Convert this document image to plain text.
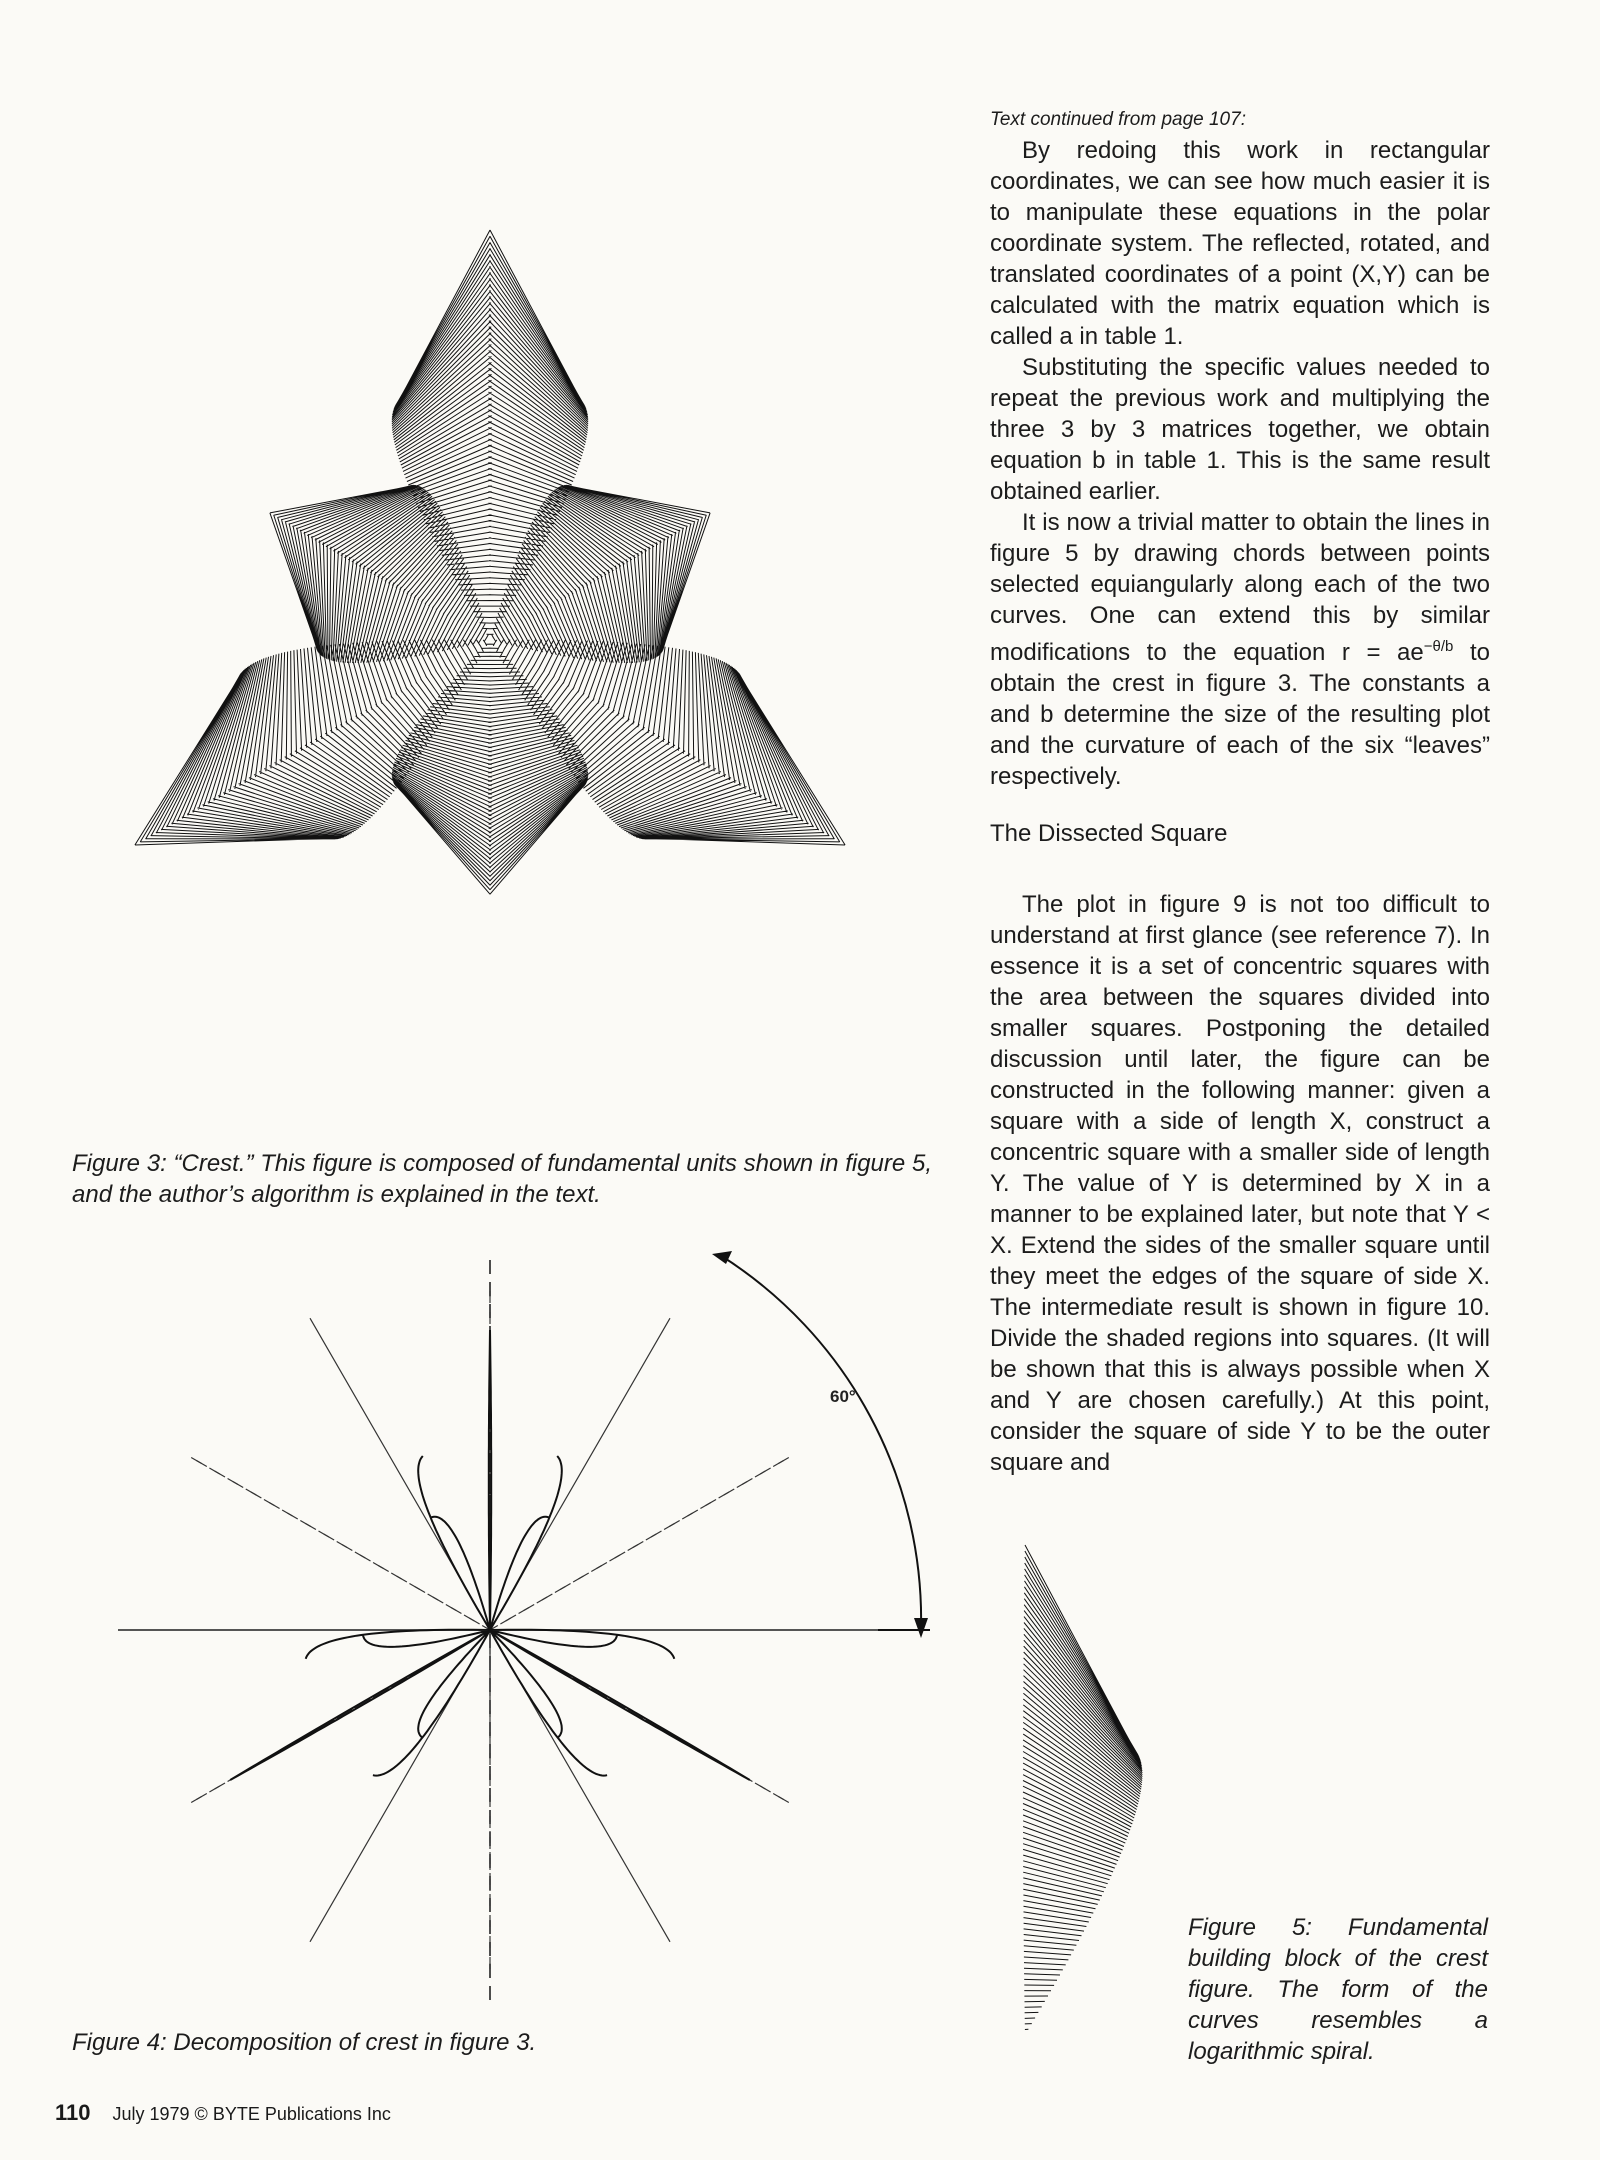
Figure 3: “Crest.” This figure is composed of fundamental units shown in figure 5, and the author’s algorithm is explained in the text.
60°
Figure 4: Decomposition of crest in figure 3.
Figure 5: Fundamental building block of the crest figure. The form of the curves resembles a logarithmic spiral.

Text continued from page 107:

By redoing this work in rectangular coordinates, we can see how much easier it is to manipulate these equations in the polar coordinate system. The reflected, rotated, and translated coordinates of a point (X,Y) can be calculated with the matrix equation which is called a in table 1.

Substituting the specific values needed to repeat the previous work and multiplying the three 3 by 3 matrices together, we obtain equation b in table 1. This is the same result obtained earlier.

It is now a trivial matter to obtain the lines in figure 5 by drawing chords between points selected equiangularly along each of the two curves. One can extend this by similar modifications to the equation $r = ae^{-\theta/b}$ to obtain the crest in figure 3. The constants a and b determine the size of the resulting plot and the curvature of each of the six “leaves” respectively.

The Dissected Square

The plot in figure 9 is not too difficult to understand at first glance (see reference 7). In essence it is a set of concentric squares with the area between the squares divided into smaller squares. Postponing the detailed discussion until later, the figure can be constructed in the following manner: given a square with a side of length X, construct a concentric square with a smaller side of length Y. The value of Y is determined by X in a manner to be explained later, but note that Y < X. Extend the sides of the smaller square until they meet the edges of the square of side X. The intermediate result is shown in figure 10. Divide the shaded regions into squares. (It will be shown that this is always possible when X and Y are chosen carefully.) At this point, consider the square of side Y to be the outer square and

110 July 1979 © BYTE Publications Inc
